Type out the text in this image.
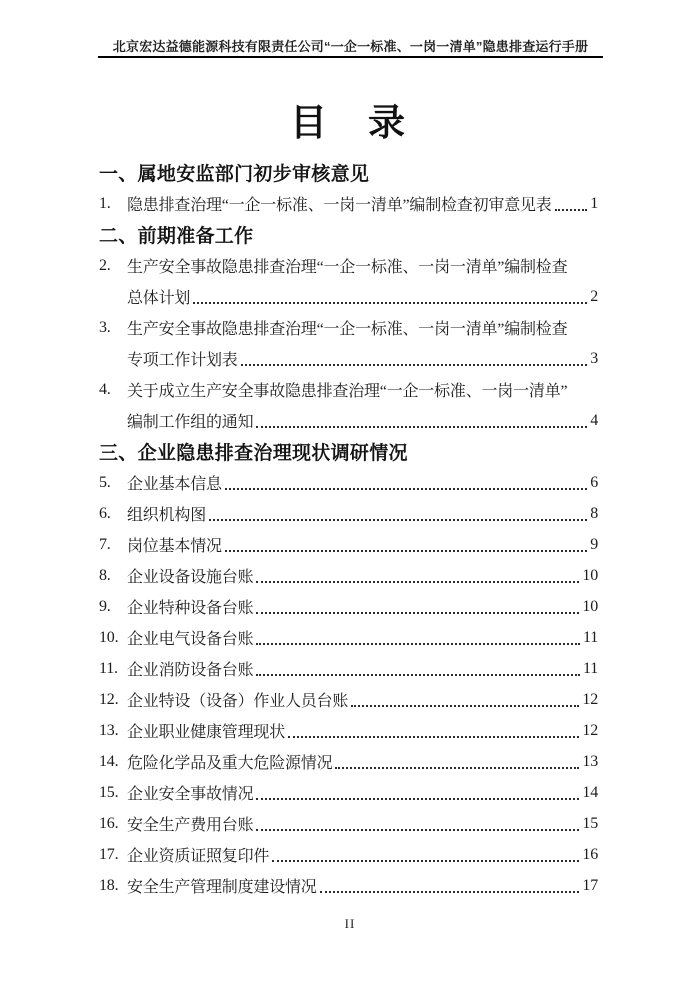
北京宏达益德能源科技有限责任公司“一企一标准、一岗一清单”隐患排查运行手册
目　录
一、属地安监部门初步审核意见
1.	隐患排查治理“一企一标准、一岗一清单”编制检查初审意见表 1
二、前期准备工作
2.	生产安全事故隐患排查治理“一企一标准、一岗一清单”编制检查
总体计划	2
3.	生产安全事故隐患排查治理“一企一标准、一岗一清单”编制检查
专项工作计划表	3
4.	关于成立生产安全事故隐患排查治理“一企一标准、一岗一清单”
编制工作组的通知	4
三、企业隐患排查治理现状调研情况
5.	企业基本信息	6
6.	组织机构图	8
7.	岗位基本情况	9
8.	企业设备设施台账	10
9.	企业特种设备台账	10
10. 企业电气设备台账	11
11. 企业消防设备台账	11
12. 企业特设（设备）作业人员台账	12
13. 企业职业健康管理现状	12
14. 危险化学品及重大危险源情况	13
15. 企业安全事故情况	14
16. 安全生产费用台账	15
17. 企业资质证照复印件	16
18. 安全生产管理制度建设情况	17
II
